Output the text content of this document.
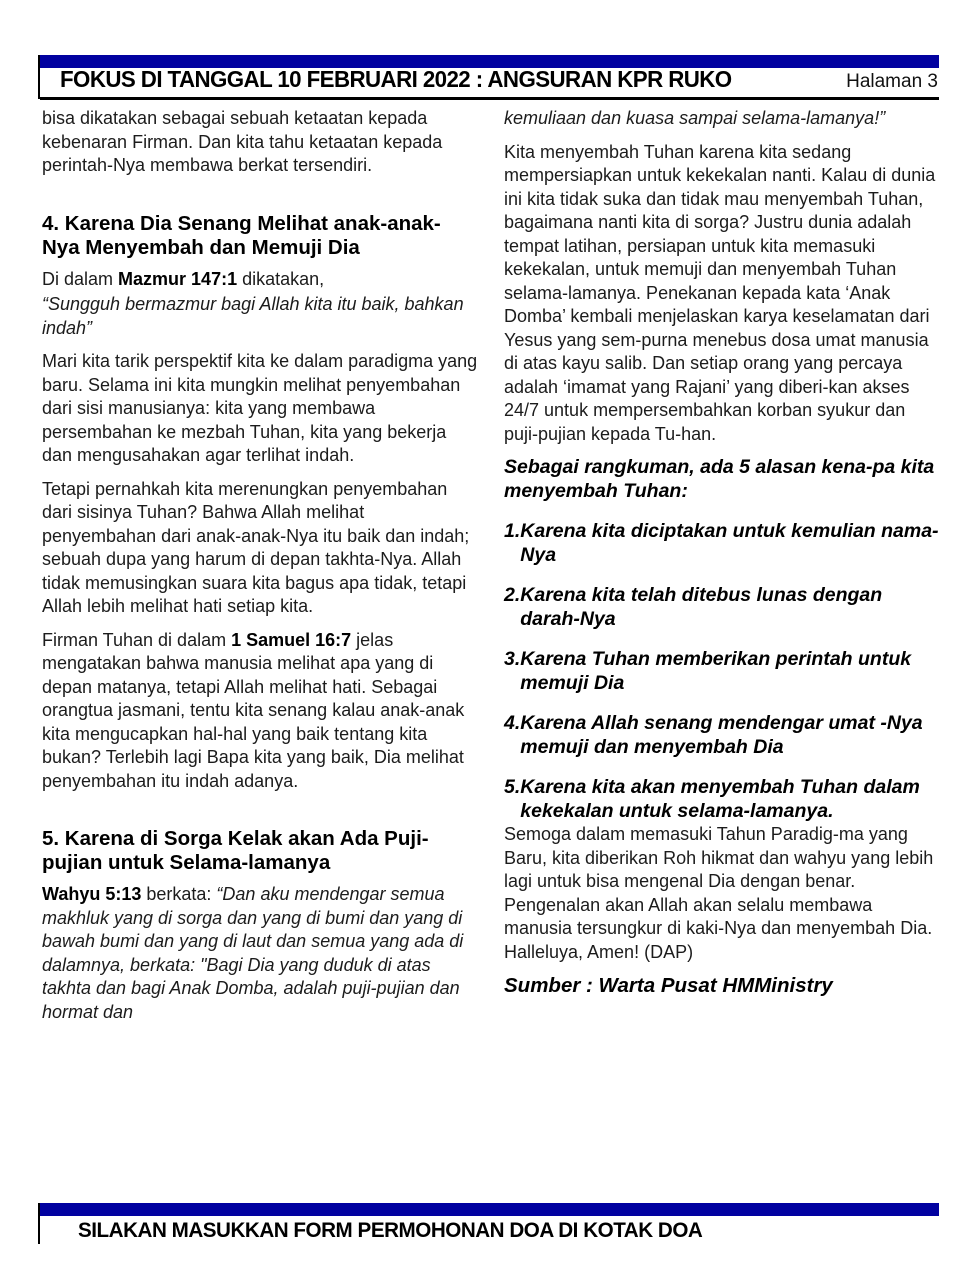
FOKUS DI TANGGAL 10 FEBRUARI 2022 : ANGSURAN KPR RUKO	Halaman 3

bisa dikatakan sebagai sebuah ketaatan kepada kebenaran Firman. Dan kita tahu ketaatan kepada perintah-Nya membawa berkat tersendiri.

4. Karena Dia Senang Melihat anak-anak-Nya Menyembah dan Memuji Dia

Di dalam Mazmur 147:1 dikatakan,

“Sungguh bermazmur bagi Allah kita itu baik, bahkan indah”

Mari kita tarik perspektif kita ke dalam paradigma yang baru. Selama ini kita mungkin melihat penyembahan dari sisi manusianya: kita yang membawa persembahan ke mezbah Tuhan, kita yang bekerja dan mengusahakan agar terlihat indah.

Tetapi pernahkah kita merenungkan penyembahan dari sisinya Tuhan? Bahwa Allah melihat penyembahan dari anak-anak-Nya itu baik dan indah; sebuah dupa yang harum di depan takhta-Nya. Allah tidak memusingkan suara kita bagus apa tidak, tetapi Allah lebih melihat hati setiap kita.

Firman Tuhan di dalam 1 Samuel 16:7 jelas mengatakan bahwa manusia melihat apa yang di depan matanya, tetapi Allah melihat hati. Sebagai orangtua jasmani, tentu kita senang kalau anak-anak kita mengucapkan hal-hal yang baik tentang kita bukan? Terlebih lagi Bapa kita yang baik, Dia melihat penyembahan itu indah adanya.

5. Karena di Sorga Kelak akan Ada Puji-pujian untuk Selama-lamanya

Wahyu 5:13 berkata: “Dan aku mendengar semua makhluk yang di sorga dan yang di bumi dan yang di bawah bumi dan yang di laut dan semua yang ada di dalamnya, berkata: "Bagi Dia yang duduk di atas takhta dan bagi Anak Domba, adalah puji-pujian dan hormat dan

kemuliaan dan kuasa sampai selama-lamanya!”

Kita menyembah Tuhan karena kita sedang mempersiapkan untuk kekekalan nanti. Kalau di dunia ini kita tidak suka dan tidak mau menyembah Tuhan, bagaimana nanti kita di sorga? Justru dunia adalah tempat latihan, persiapan untuk kita memasuki kekekalan, untuk memuji dan menyembah Tuhan selama-lamanya. Penekanan kepada kata ‘Anak Domba’ kembali menjelaskan karya keselamatan dari Yesus yang sem-purna menebus dosa umat manusia di atas kayu salib. Dan setiap orang yang percaya adalah ‘imamat yang Rajani’ yang diberi-kan akses 24/7 untuk mempersembahkan korban syukur dan puji-pujian kepada Tu-han.

Sebagai rangkuman, ada 5 alasan kena-pa kita menyembah Tuhan:

1. Karena kita diciptakan untuk kemulian nama-Nya
2. Karena kita telah ditebus lunas dengan darah-Nya
3. Karena Tuhan memberikan perintah untuk memuji Dia
4. Karena Allah senang mendengar umat -Nya memuji dan menyembah Dia
5. Karena kita akan menyembah Tuhan dalam kekekalan untuk selama-lamanya.

Semoga dalam memasuki Tahun Paradig-ma yang Baru, kita diberikan Roh hikmat dan wahyu yang lebih lagi untuk bisa mengenal Dia dengan benar. Pengenalan akan Allah akan selalu membawa manusia tersungkur di kaki-Nya dan menyembah Dia. Halleluya, Amen! (DAP)

Sumber : Warta Pusat HMMinistry

SILAKAN MASUKKAN FORM PERMOHONAN DOA DI KOTAK DOA
